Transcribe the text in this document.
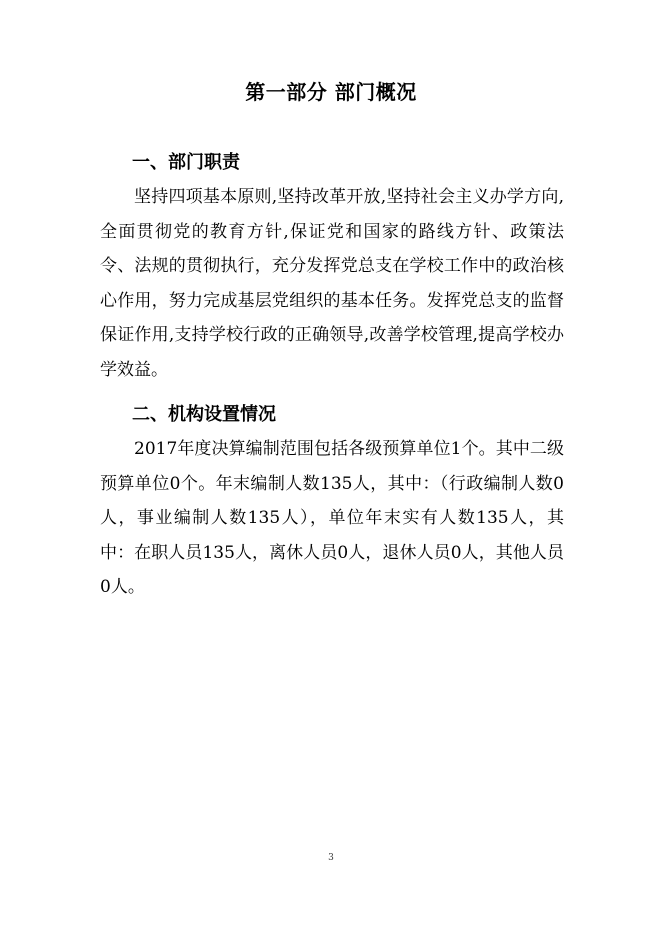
第一部分 部门概况
一、部门职责

坚持四项基本原则,坚持改革开放,坚持社会主义办学方向,全面贯彻党的教育方针,保证党和国家的路线方针、政策法令、法规的贯彻执行，充分发挥党总支在学校工作中的政治核心作用，努力完成基层党组织的基本任务。发挥党总支的监督保证作用,支持学校行政的正确领导,改善学校管理,提高学校办学效益。

二、机构设置情况

2017年度决算编制范围包括各级预算单位1个。其中二级预算单位0个。年末编制人数135人，其中：（行政编制人数0人，事业编制人数135人），单位年末实有人数135人，其中：在职人员135人，离休人员0人，退休人员0人，其他人员0人。

3
